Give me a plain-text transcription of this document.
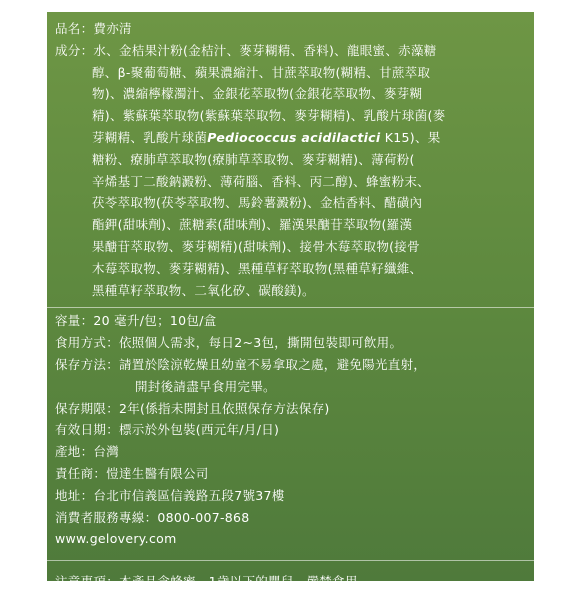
品名：費亦清
成分：水、金桔果汁粉(金桔汁、麥芽糊精、香料)、龍眼蜜、赤藻糖
醇、β-聚葡萄糖、蘋果濃縮汁、甘蔗萃取物(糊精、甘蔗萃取
物)、濃縮檸檬濁汁、金銀花萃取物(金銀花萃取物、麥芽糊
精)、紫蘇葉萃取物(紫蘇葉萃取物、麥芽糊精)、乳酸片球菌(麥
芽糊精、乳酸片球菌Pediococcus acidilactici K15)、果
糖粉、療肺草萃取物(療肺草萃取物、麥芽糊精)、薄荷粉(
辛烯基丁二酸鈉澱粉、薄荷腦、香料、丙二醇)、蜂蜜粉末、
茯苓萃取物(茯苓萃取物、馬鈴薯澱粉)、金桔香料、醋磺內
酯鉀(甜味劑)、蔗糖素(甜味劑)、羅漢果醣苷萃取物(羅漢
果醣苷萃取物、麥芽糊精)(甜味劑)、接骨木莓萃取物(接骨
木莓萃取物、麥芽糊精)、黑種草籽萃取物(黑種草籽纖維、
黑種草籽萃取物、二氧化矽、碳酸鎂)。
容量：20 毫升/包；10包/盒
食用方式：依照個人需求，每日2~3包，撕開包裝即可飲用。
保存方法：請置於陰涼乾燥且幼童不易拿取之處，避免陽光直射，
開封後請盡早食用完畢。
保存期限：2年(係指未開封且依照保存方法保存)
有效日期：標示於外包裝(西元年/月/日)
產地：台灣
責任商：愷達生醫有限公司
地址：台北市信義區信義路五段7號37樓
消費者服務專線：0800-007-868
www.gelovery.com
注意事項：本產品含蜂蜜，1歲以下的嬰兒，嚴禁食用。
